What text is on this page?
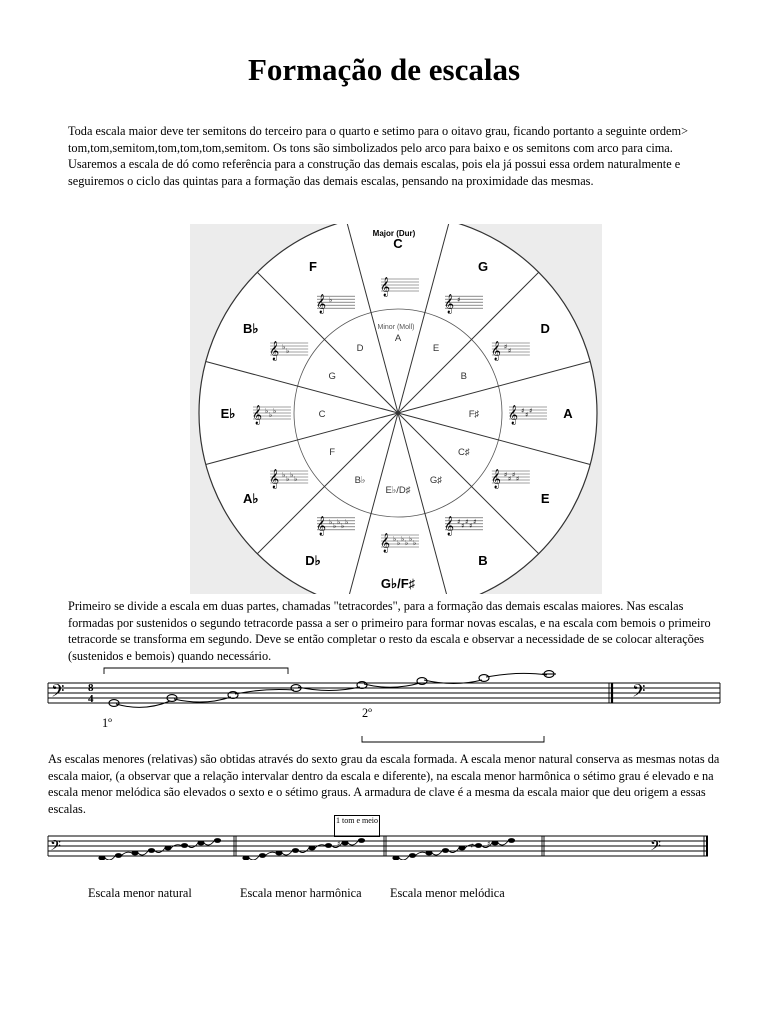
Formação de escalas

Toda escala maior deve ter semitons do terceiro para o quarto e setimo para o oitavo grau, ficando portanto a seguinte ordem> tom,tom,semitom,tom,tom,tom,semitom. Os tons são simbolizados pelo arco para baixo e os semitons com arco para cima. Usaremos a escala de dó como referência para a construção das demais escalas, pois ela já possui essa ordem naturalmente e seguiremos o ciclo das quintas para a formação das demais escalas, pensando na proximidade das mesmas.

Major (Dur)
Minor (Moll)
C
G
D
A
E
B
G♭/F♯
D♭
A♭
E♭
B♭
F
A
E
B
F♯
C♯
G♯
E♭/D♯
B♭
F
C
G
D
𝄞
𝄞 ♯
𝄞 ♯ ♯
𝄞 ♯ ♯ ♯
𝄞 ♯ ♯ ♯ ♯
𝄞 ♯ ♯ ♯ ♯ ♯
𝄞 ♭ ♭ ♭ ♭ ♭ ♭
𝄞 ♭ ♭ ♭ ♭ ♭
𝄞 ♭ ♭ ♭ ♭
𝄞 ♭ ♭ ♭
𝄞 ♭ ♭
𝄞 ♭

Primeiro se divide a escala em duas partes, chamadas "tetracordes", para a formação das demais escalas maiores. Nas escalas formadas por sustenidos o segundo tetracorde passa a ser o primeiro para formar novas escalas, e na escala com bemois o primeiro tetracorde se transforma em segundo. Deve se então completar o resto da escala e observar a necessidade de se colocar alterações (sustenidos e bemois) quando necessário.

𝄢 8
4	𝄢
1º
2º

As escalas menores (relativas) são obtidas através do sexto grau da escala formada. A escala menor natural conserva as mesmas notas da escala maior, (a observar que a relação intervalar dentro da escala e diferente), na escala menor harmônica o sétimo grau é elevado e na escala menor melódica são elevados o sexto e o sétimo graus. A armadura de clave é a mesma da escala maior que deu origem a essas escalas.

1 tom e meio
𝄢	𝄢
♯	♯
♯
Escala menor natural	Escala menor harmônica Escala menor melódica
